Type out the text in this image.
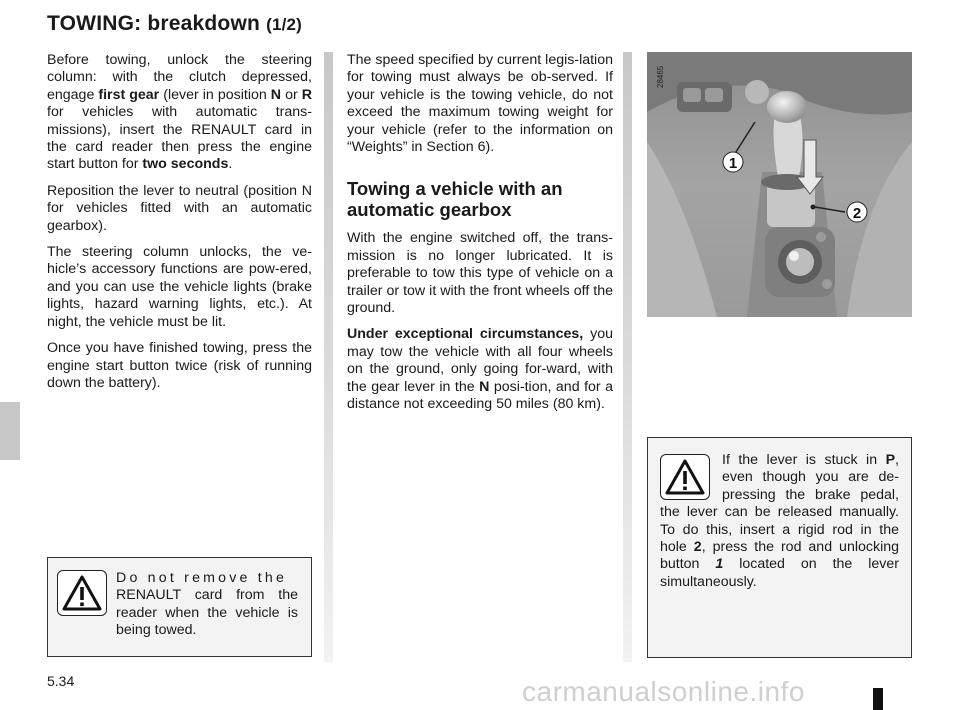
TOWING: breakdown (1/2)

Before towing, unlock the steering column: with the clutch depressed, engage first gear (lever in position N or R for vehicles with automatic trans-missions), insert the RENAULT card in the card reader then press the engine start button for two seconds.

Reposition the lever to neutral (position N for vehicles fitted with an automatic gearbox).

The steering column unlocks, the ve-hicle’s accessory functions are pow-ered, and you can use the vehicle lights (brake lights, hazard warning lights, etc.). At night, the vehicle must be lit.

Once you have finished towing, press the engine start button twice (risk of running down the battery).

The speed specified by current legis-lation for towing must always be ob-served. If your vehicle is the towing vehicle, do not exceed the maximum towing weight for your vehicle (refer to the information on “Weights” in Section 6).

Towing a vehicle with an automatic gearbox

With the engine switched off, the trans-mission is no longer lubricated. It is preferable to tow this type of vehicle on a trailer or tow it with the front wheels off the ground.

Under exceptional circumstances, you may tow the vehicle with all four wheels on the ground, only going for-ward, with the gear lever in the N posi-tion, and for a distance not exceeding 50 miles (80 km).

1
2
28465
Do not remove the
RENAULT card from the reader when the vehicle is being towed.
If the lever is stuck in P, even though you are de-pressing the brake pedal, the lever can be released manually. To do this, insert a rigid rod in the hole 2, press the rod and unlocking button 1 located on the lever simultaneously.
5.34	carmanualsonline.info
